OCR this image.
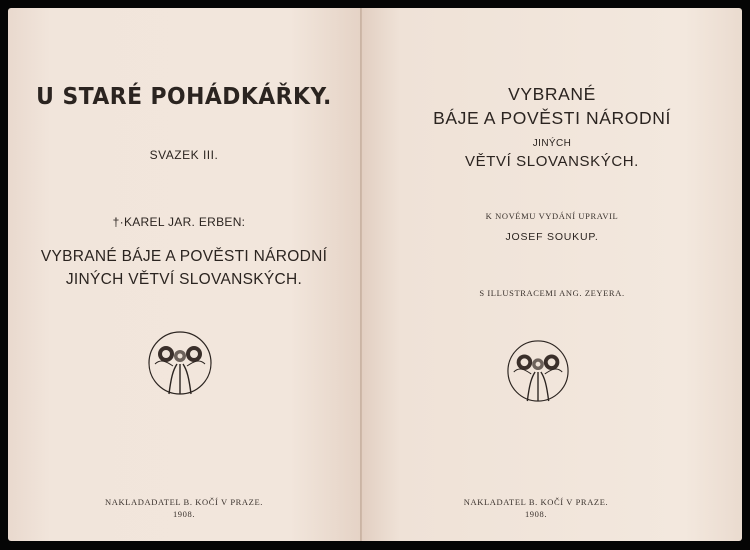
U STARÉ POHÁDKÁŘKY.
SVAZEK III.
†·KAREL JAR. ERBEN:
VYBRANÉ BÁJE A POVĚSTI NÁRODNÍ
JINÝCH VĚTVÍ SLOVANSKÝCH.
NAKLADADATEL B. KOČÍ V PRAZE.
1908.
VYBRANÉ
BÁJE A POVĚSTI NÁRODNÍ
JINÝCH
VĚTVÍ SLOVANSKÝCH.
K NOVÉMU VYDÁNÍ UPRAVIL
JOSEF SOUKUP.
S ILLUSTRACEMI ANG. ZEYERA.
NAKLADATEL B. KOČÍ V PRAZE.
1908.
